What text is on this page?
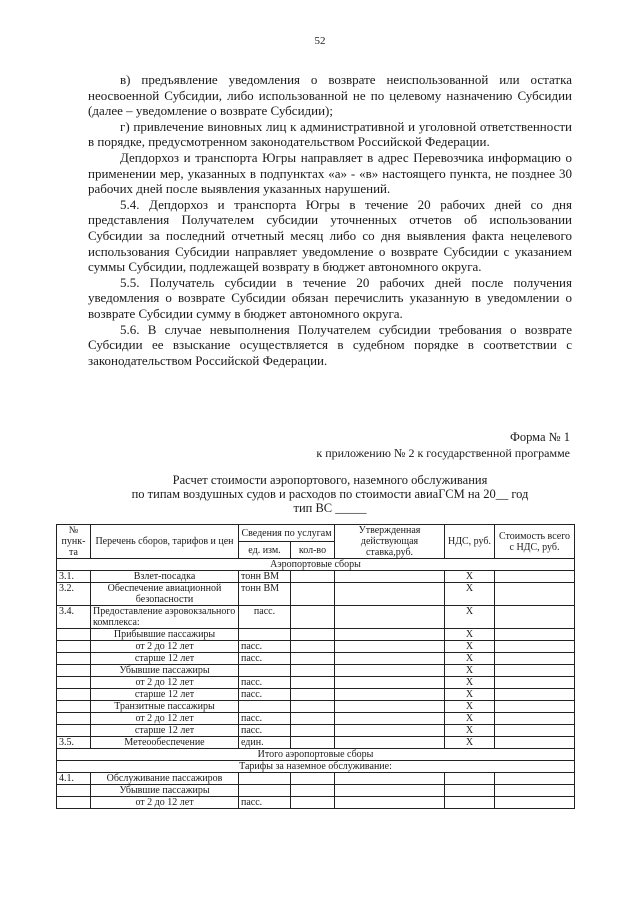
52

в) предъявление уведомления о возврате неиспользованной или остатка неосвоенной Субсидии, либо использованной не по целевому назначению Субсидии (далее – уведомление о возврате Субсидии);

г) привлечение виновных лиц к административной и уголовной ответственности в порядке, предусмотренном законодательством Российской Федерации.

Депдорхоз и транспорта Югры направляет в адрес Перевозчика информацию о применении мер, указанных в подпунктах «а» - «в» настоящего пункта, не позднее 30 рабочих дней после выявления указанных нарушений.

5.4. Депдорхоз и транспорта Югры в течение 20 рабочих дней со дня представления Получателем субсидии уточненных отчетов об использовании Субсидии за последний отчетный месяц либо со дня выявления факта нецелевого использования Субсидии направляет уведомление о возврате Субсидии с указанием суммы Субсидии, подлежащей возврату в бюджет автономного округа.

5.5. Получатель субсидии в течение 20 рабочих дней после получения уведомления о возврате Субсидии обязан перечислить указанную в уведомлении о возврате Субсидии сумму в бюджет автономного округа.

5.6. В случае невыполнения Получателем субсидии требования о возврате Субсидии ее взыскание осуществляется в судебном порядке в соответствии с законодательством Российской Федерации.

Форма № 1
к приложению № 2 к государственной программе
Расчет стоимости аэропортового, наземного обслуживания
по типам воздушных судов и расходов по стоимости авиаГСМ на 20__ год
тип ВС _____
№ пунк-та	Перечень сборов, тарифов и цен	Сведения по услугам		Утвержденная действующая ставка,руб.	НДС, руб.	Стоимость всего с НДС, руб.
		ед. изм.	кол-во			
Аэропортовые сборы						
3.1.	Взлет-посадка	тонн ВМ			X	
3.2.	Обеспечение авиационной безопасности	тонн ВМ			X	
3.4.	Предоставление аэровокзального комплекса:	пасс.			X	
	Прибывшие пассажиры				X	
	от 2 до 12 лет	пасс.			X	
	старше 12 лет	пасс.			X	
	Убывшие пассажиры				X	
	от 2 до 12 лет	пасс.			X	
	старше 12 лет	пасс.			X	
	Транзитные пассажиры				X	
	от 2 до 12 лет	пасс.			X	
	старше 12 лет	пасс.			X	
3.5.	Метеообеспечение	един.			X	
Итого аэропортовые сборы						
Тарифы за наземное обслуживание:						
4.1.	Обслуживание пассажиров					
	Убывшие пассажиры					
	от 2 до 12 лет	пасс.				
